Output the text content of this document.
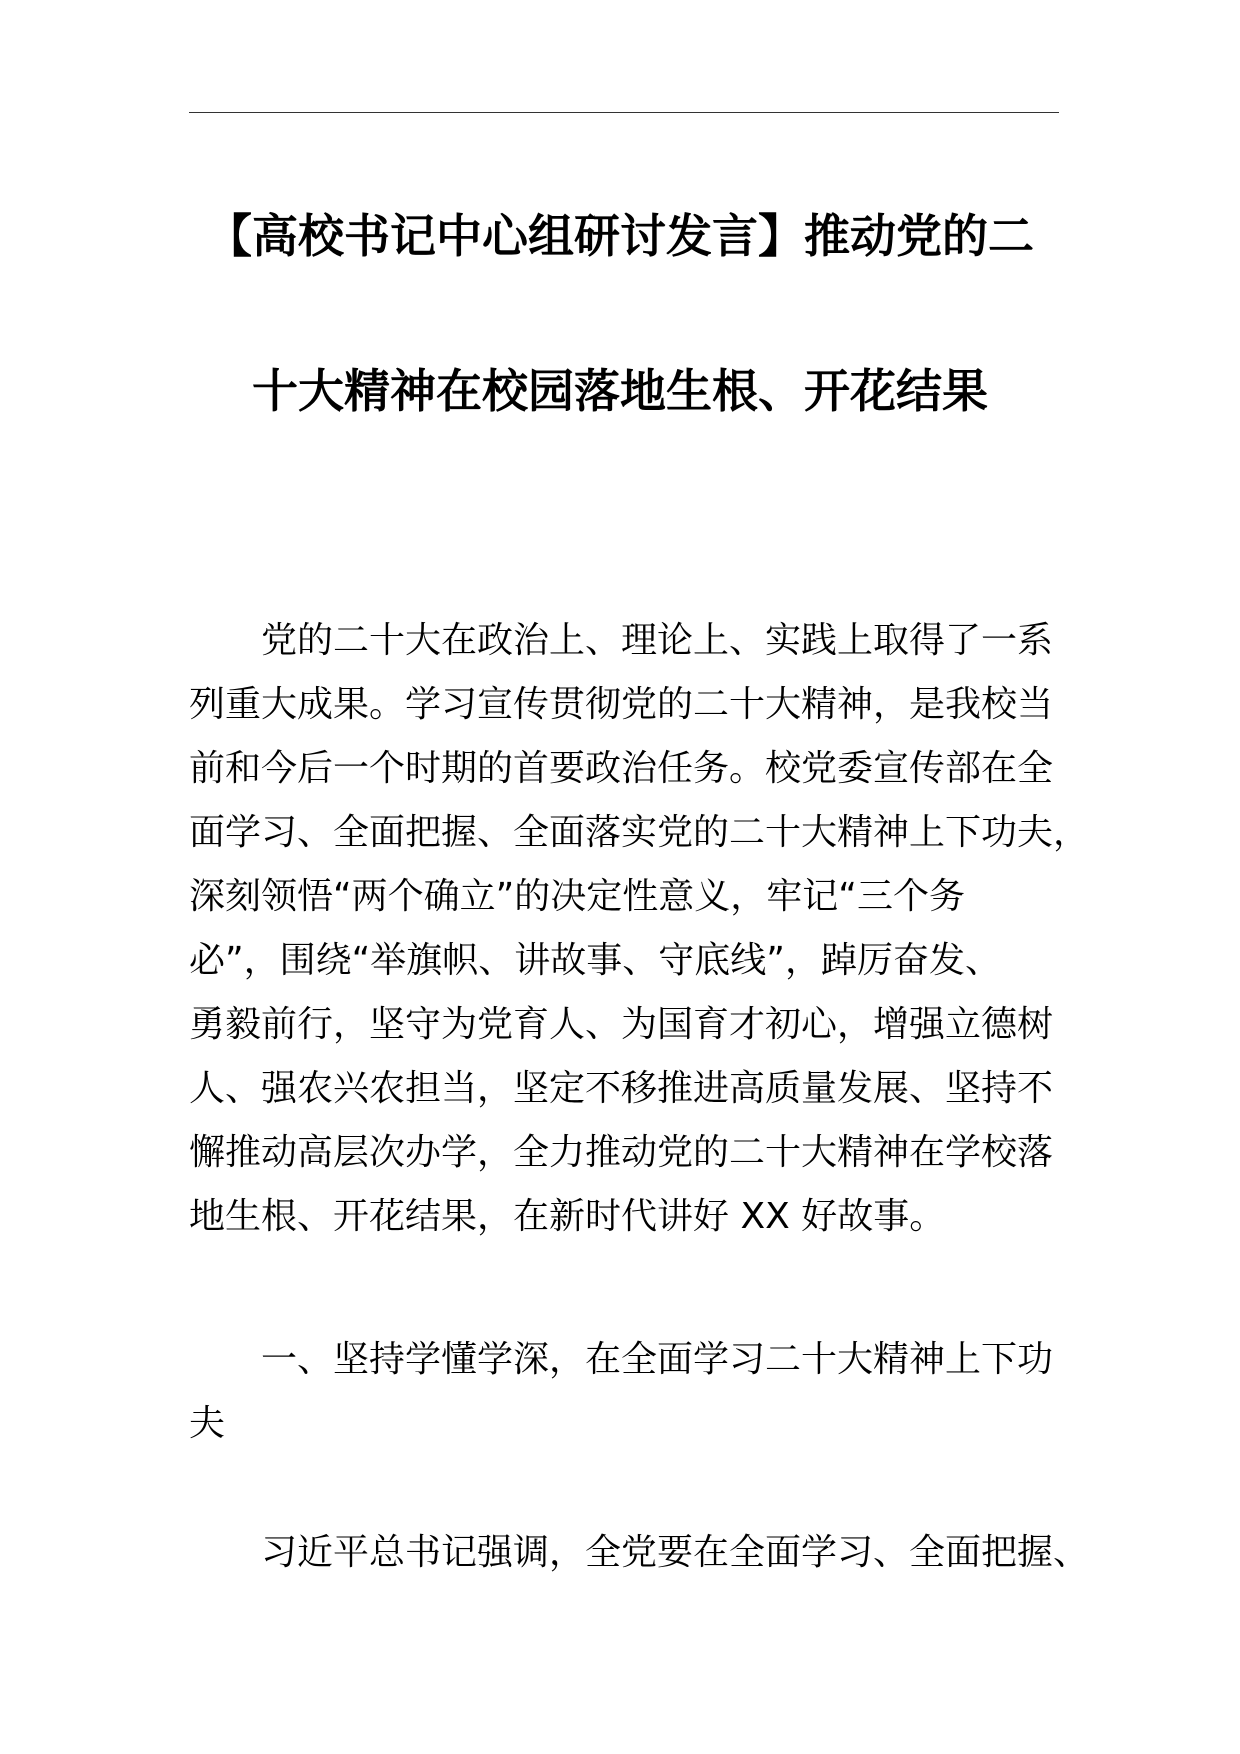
【高校书记中心组研讨发言】推动党的二
十大精神在校园落地生根、开花结果
党的二十大在政治上、理论上、实践上取得了一系
列重大成果。学习宣传贯彻党的二十大精神，是我校当
前和今后一个时期的首要政治任务。校党委宣传部在全
面学习、全面把握、全面落实党的二十大精神上下功夫，
深刻领悟“两个确立”的决定性意义，牢记“三个务
必”，围绕“举旗帜、讲故事、守底线”，踔厉奋发、
勇毅前行，坚守为党育人、为国育才初心，增强立德树
人、强农兴农担当，坚定不移推进高质量发展、坚持不
懈推动高层次办学，全力推动党的二十大精神在学校落
地生根、开花结果，在新时代讲好 XX 好故事。
一、坚持学懂学深，在全面学习二十大精神上下功
夫
习近平总书记强调，全党要在全面学习、全面把握、
